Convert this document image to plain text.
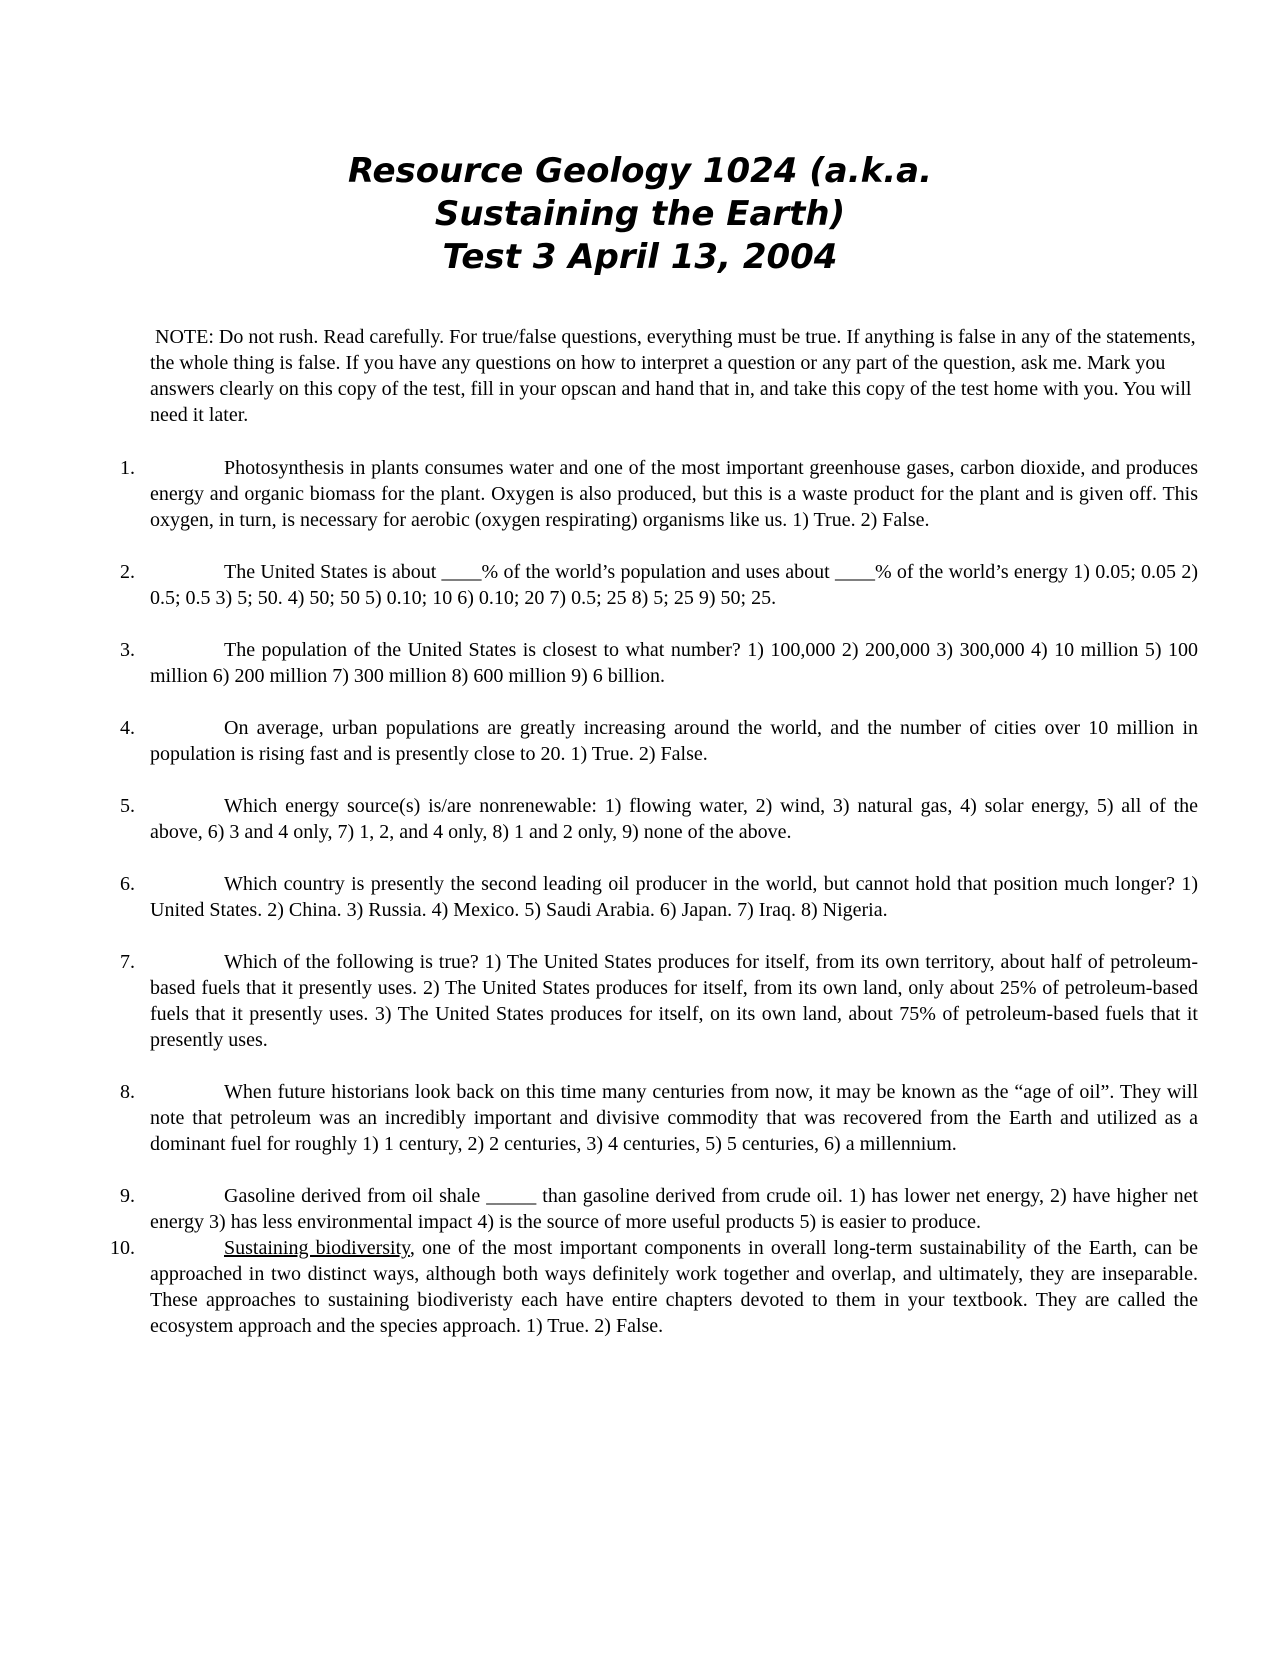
Resource Geology 1024 (a.k.a.
Sustaining the Earth)
Test 3 April 13, 2004
NOTE: Do not rush. Read carefully. For true/false questions, everything must be true. If anything is false in any of the statements, the whole thing is false. If you have any questions on how to interpret a question or any part of the question, ask me. Mark you answers clearly on this copy of the test, fill in your opscan and hand that in, and take this copy of the test home with you. You will need it later.
1.	Photosynthesis in plants consumes water and one of the most important greenhouse gases, carbon dioxide, and produces energy and organic biomass for the plant. Oxygen is also produced, but this is a waste product for the plant and is given off. This oxygen, in turn, is necessary for aerobic (oxygen respirating) organisms like us. 1) True. 2) False.
2.	The United States is about ____% of the world’s population and uses about ____% of the world’s energy 1) 0.05; 0.05 2) 0.5; 0.5 3) 5; 50. 4) 50; 50 5) 0.10; 10 6) 0.10; 20 7) 0.5; 25 8) 5; 25 9) 50; 25.
3.	The population of the United States is closest to what number? 1) 100,000 2) 200,000 3) 300,000 4) 10 million 5) 100 million 6) 200 million 7) 300 million 8) 600 million 9) 6 billion.
4.	On average, urban populations are greatly increasing around the world, and the number of cities over 10 million in population is rising fast and is presently close to 20. 1) True. 2) False.
5.	Which energy source(s) is/are nonrenewable: 1) flowing water, 2) wind, 3) natural gas, 4) solar energy, 5) all of the above, 6) 3 and 4 only, 7) 1, 2, and 4 only, 8) 1 and 2 only, 9) none of the above.
6.	Which country is presently the second leading oil producer in the world, but cannot hold that position much longer? 1) United States. 2) China. 3) Russia. 4) Mexico. 5) Saudi Arabia. 6) Japan. 7) Iraq. 8) Nigeria.
7.	Which of the following is true? 1) The United States produces for itself, from its own territory, about half of petroleum-based fuels that it presently uses. 2) The United States produces for itself, from its own land, only about 25% of petroleum-based fuels that it presently uses. 3) The United States produces for itself, on its own land, about 75% of petroleum-based fuels that it presently uses.
8.	When future historians look back on this time many centuries from now, it may be known as the “age of oil”. They will note that petroleum was an incredibly important and divisive commodity that was recovered from the Earth and utilized as a dominant fuel for roughly 1) 1 century, 2) 2 centuries, 3) 4 centuries, 5) 5 centuries, 6) a millennium.
9.	Gasoline derived from oil shale _____ than gasoline derived from crude oil. 1) has lower net energy, 2) have higher net energy 3) has less environmental impact 4) is the source of more useful products 5) is easier to produce.
10.	Sustaining biodiversity, one of the most important components in overall long-term sustainability of the Earth, can be approached in two distinct ways, although both ways definitely work together and overlap, and ultimately, they are inseparable. These approaches to sustaining biodiveristy each have entire chapters devoted to them in your textbook. They are called the ecosystem approach and the species approach. 1) True. 2) False.
